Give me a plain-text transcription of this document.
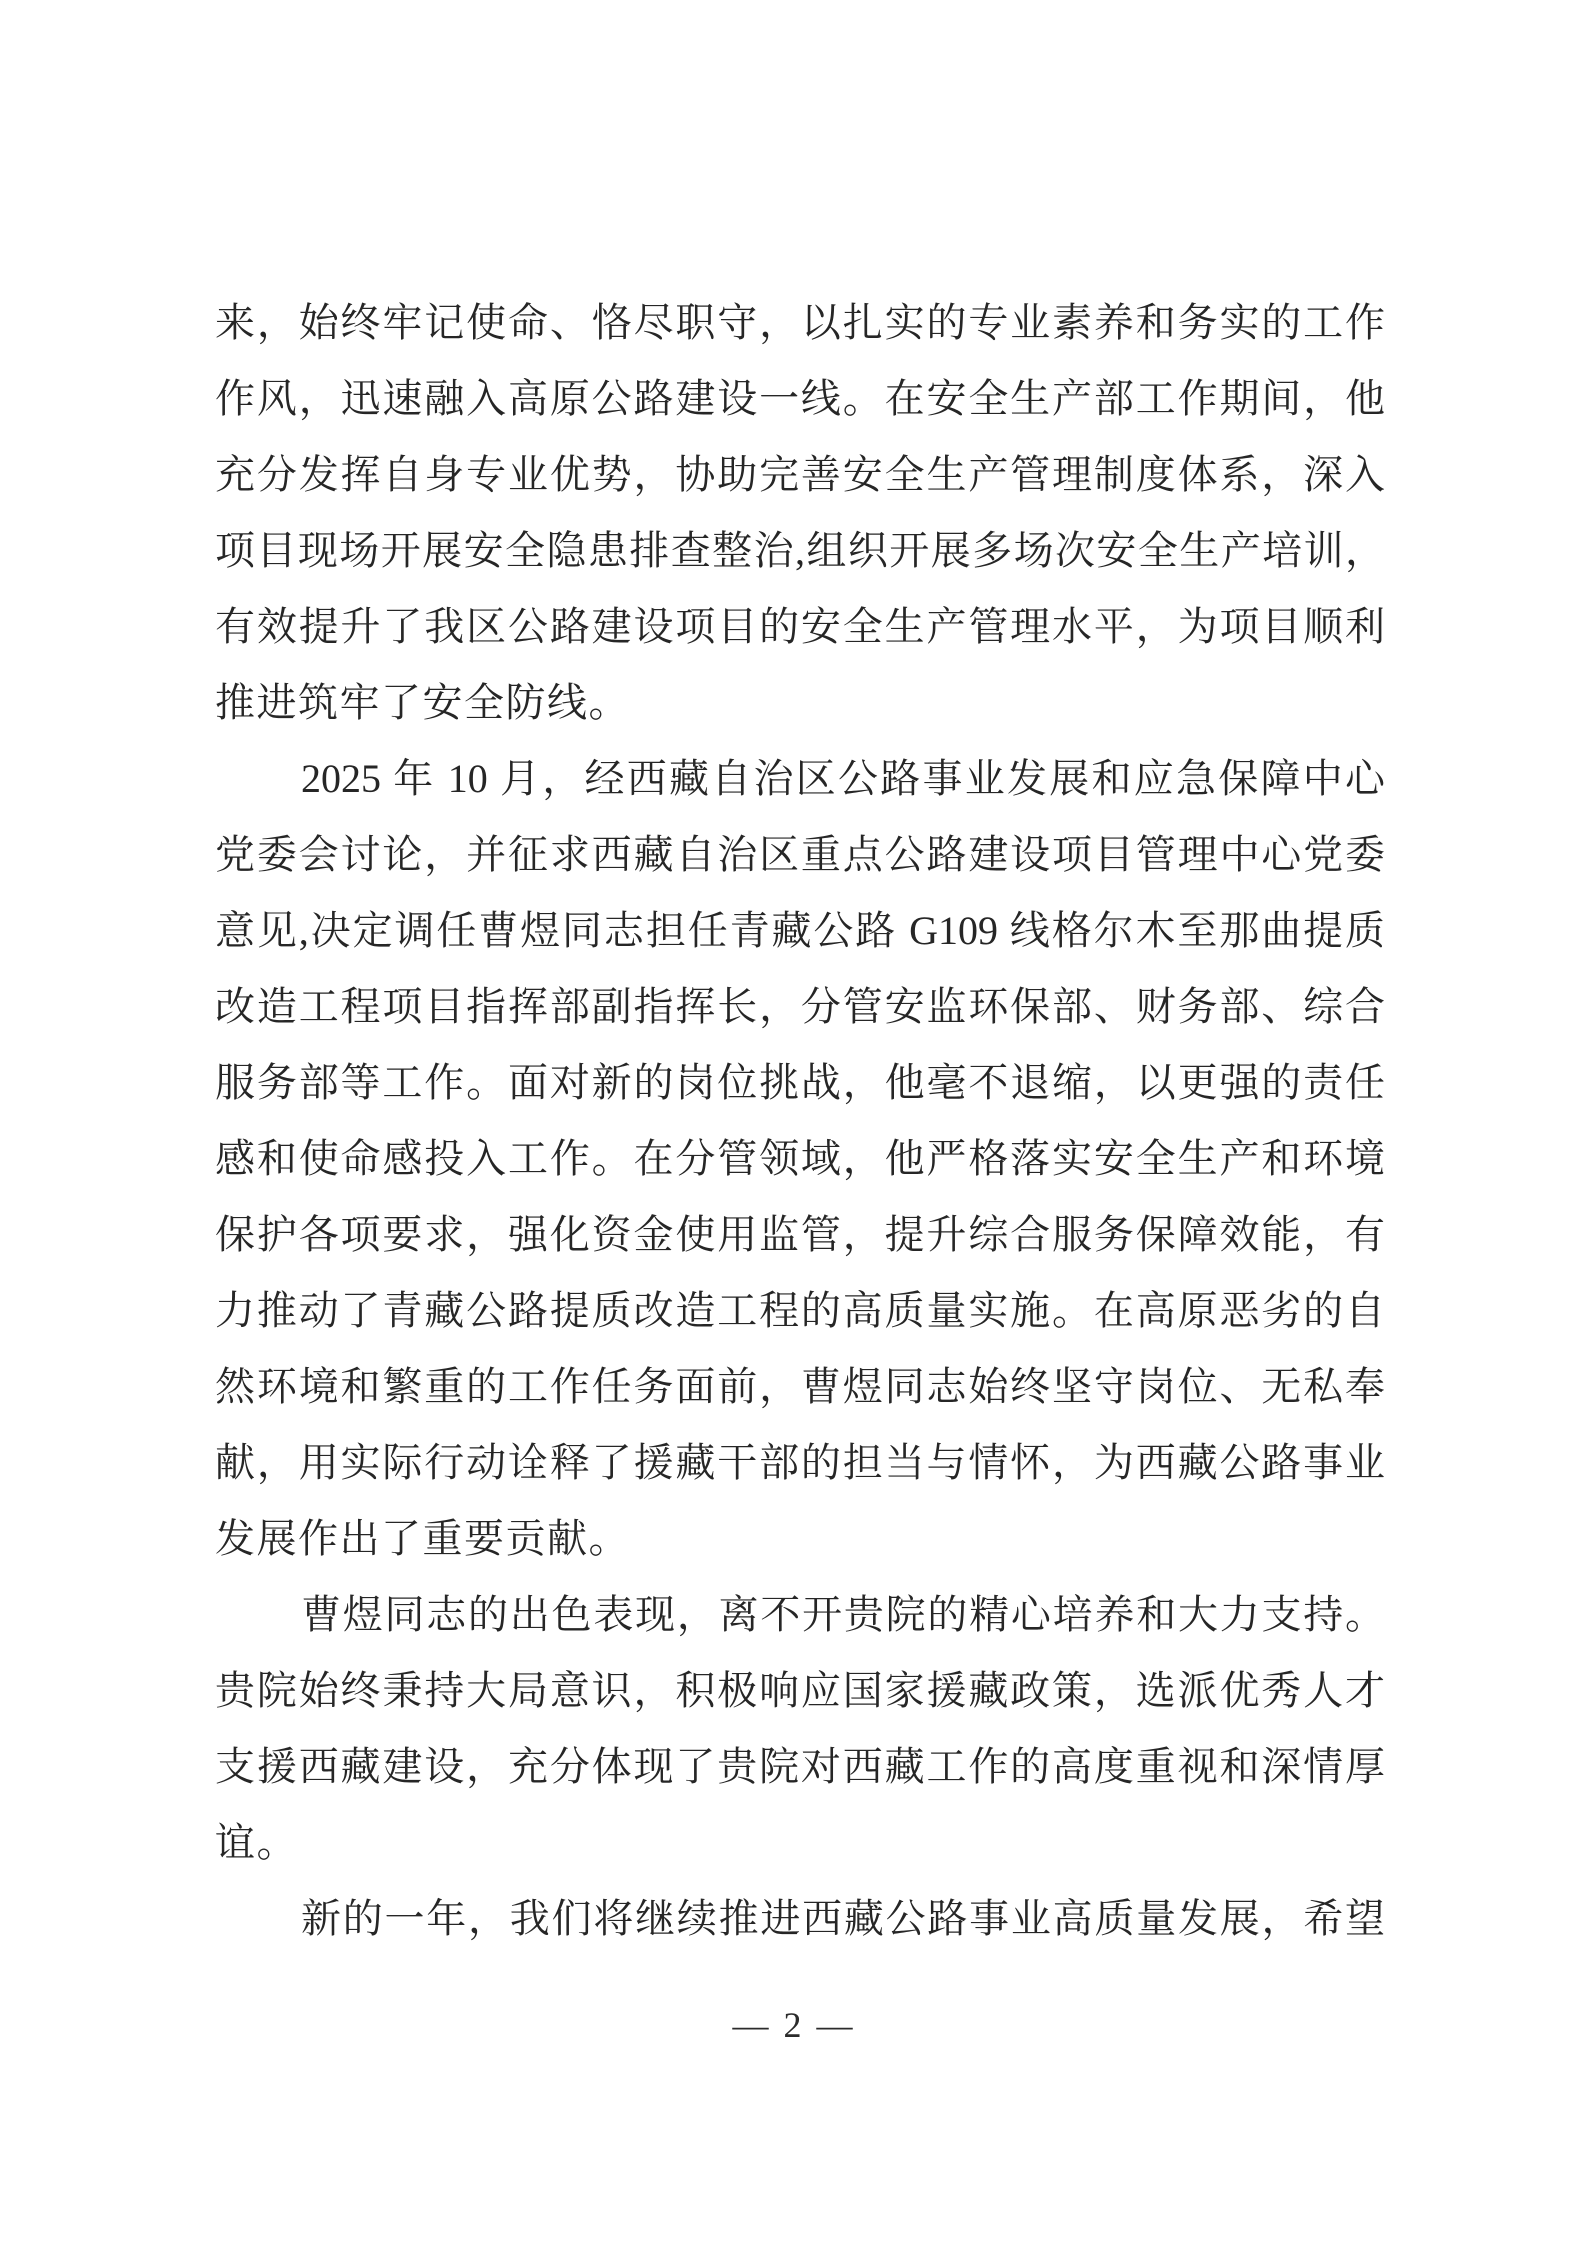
来，始终牢记使命、恪尽职守，以扎实的专业素养和务实的工作
作风，迅速融入高原公路建设一线。在安全生产部工作期间，他
充分发挥自身专业优势，协助完善安全生产管理制度体系，深入
项目现场开展安全隐患排查整治,组织开展多场次安全生产培训，
有效提升了我区公路建设项目的安全生产管理水平，为项目顺利
推进筑牢了安全防线。
2025 年 10 月，经西藏自治区公路事业发展和应急保障中心
党委会讨论，并征求西藏自治区重点公路建设项目管理中心党委
意见,决定调任曹煜同志担任青藏公路 G109 线格尔木至那曲提质
改造工程项目指挥部副指挥长，分管安监环保部、财务部、综合
服务部等工作。面对新的岗位挑战，他毫不退缩，以更强的责任
感和使命感投入工作。在分管领域，他严格落实安全生产和环境
保护各项要求，强化资金使用监管，提升综合服务保障效能，有
力推动了青藏公路提质改造工程的高质量实施。在高原恶劣的自
然环境和繁重的工作任务面前，曹煜同志始终坚守岗位、无私奉
献，用实际行动诠释了援藏干部的担当与情怀，为西藏公路事业
发展作出了重要贡献。
曹煜同志的出色表现，离不开贵院的精心培养和大力支持。
贵院始终秉持大局意识，积极响应国家援藏政策，选派优秀人才
支援西藏建设，充分体现了贵院对西藏工作的高度重视和深情厚
谊。
新的一年，我们将继续推进西藏公路事业高质量发展，希望
— 2 —
